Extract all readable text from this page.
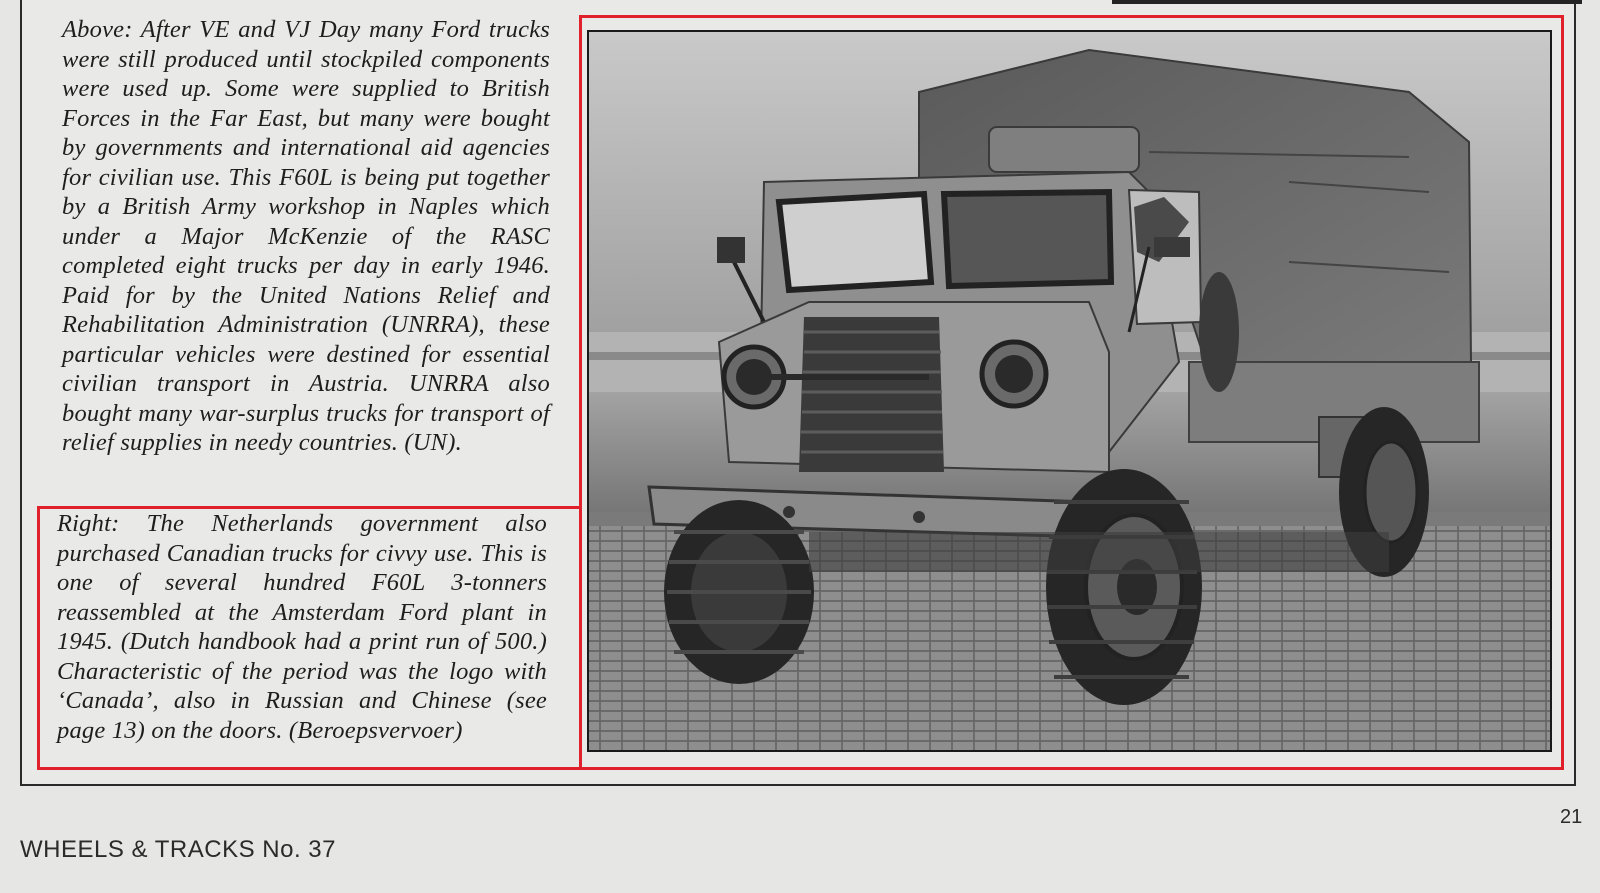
Above: After VE and VJ Day many Ford trucks were still produced until stockpiled components were used up. Some were supplied to British Forces in the Far East, but many were bought by governments and international aid agencies for civilian use. This F60L is being put together by a British Army workshop in Naples which under a Major McKenzie of the RASC completed eight trucks per day in early 1946. Paid for by the United Nations Relief and Rehabilitation Administration (UNRRA), these particular vehicles were destined for essential civilian transport in Austria. UNRRA also bought many war-surplus trucks for transport of relief supplies in needy countries. (UN).

Right: The Netherlands government also purchased Canadian trucks for civvy use. This is one of several hundred F60L 3-tonners reassembled at the Amsterdam Ford plant in 1945. (Dutch handbook had a print run of 500.) Characteristic of the period was the logo with ‘Canada’, also in Russian and Chinese (see page 13) on the doors. (Beroepsvervoer)

21
WHEELS & TRACKS No. 37
